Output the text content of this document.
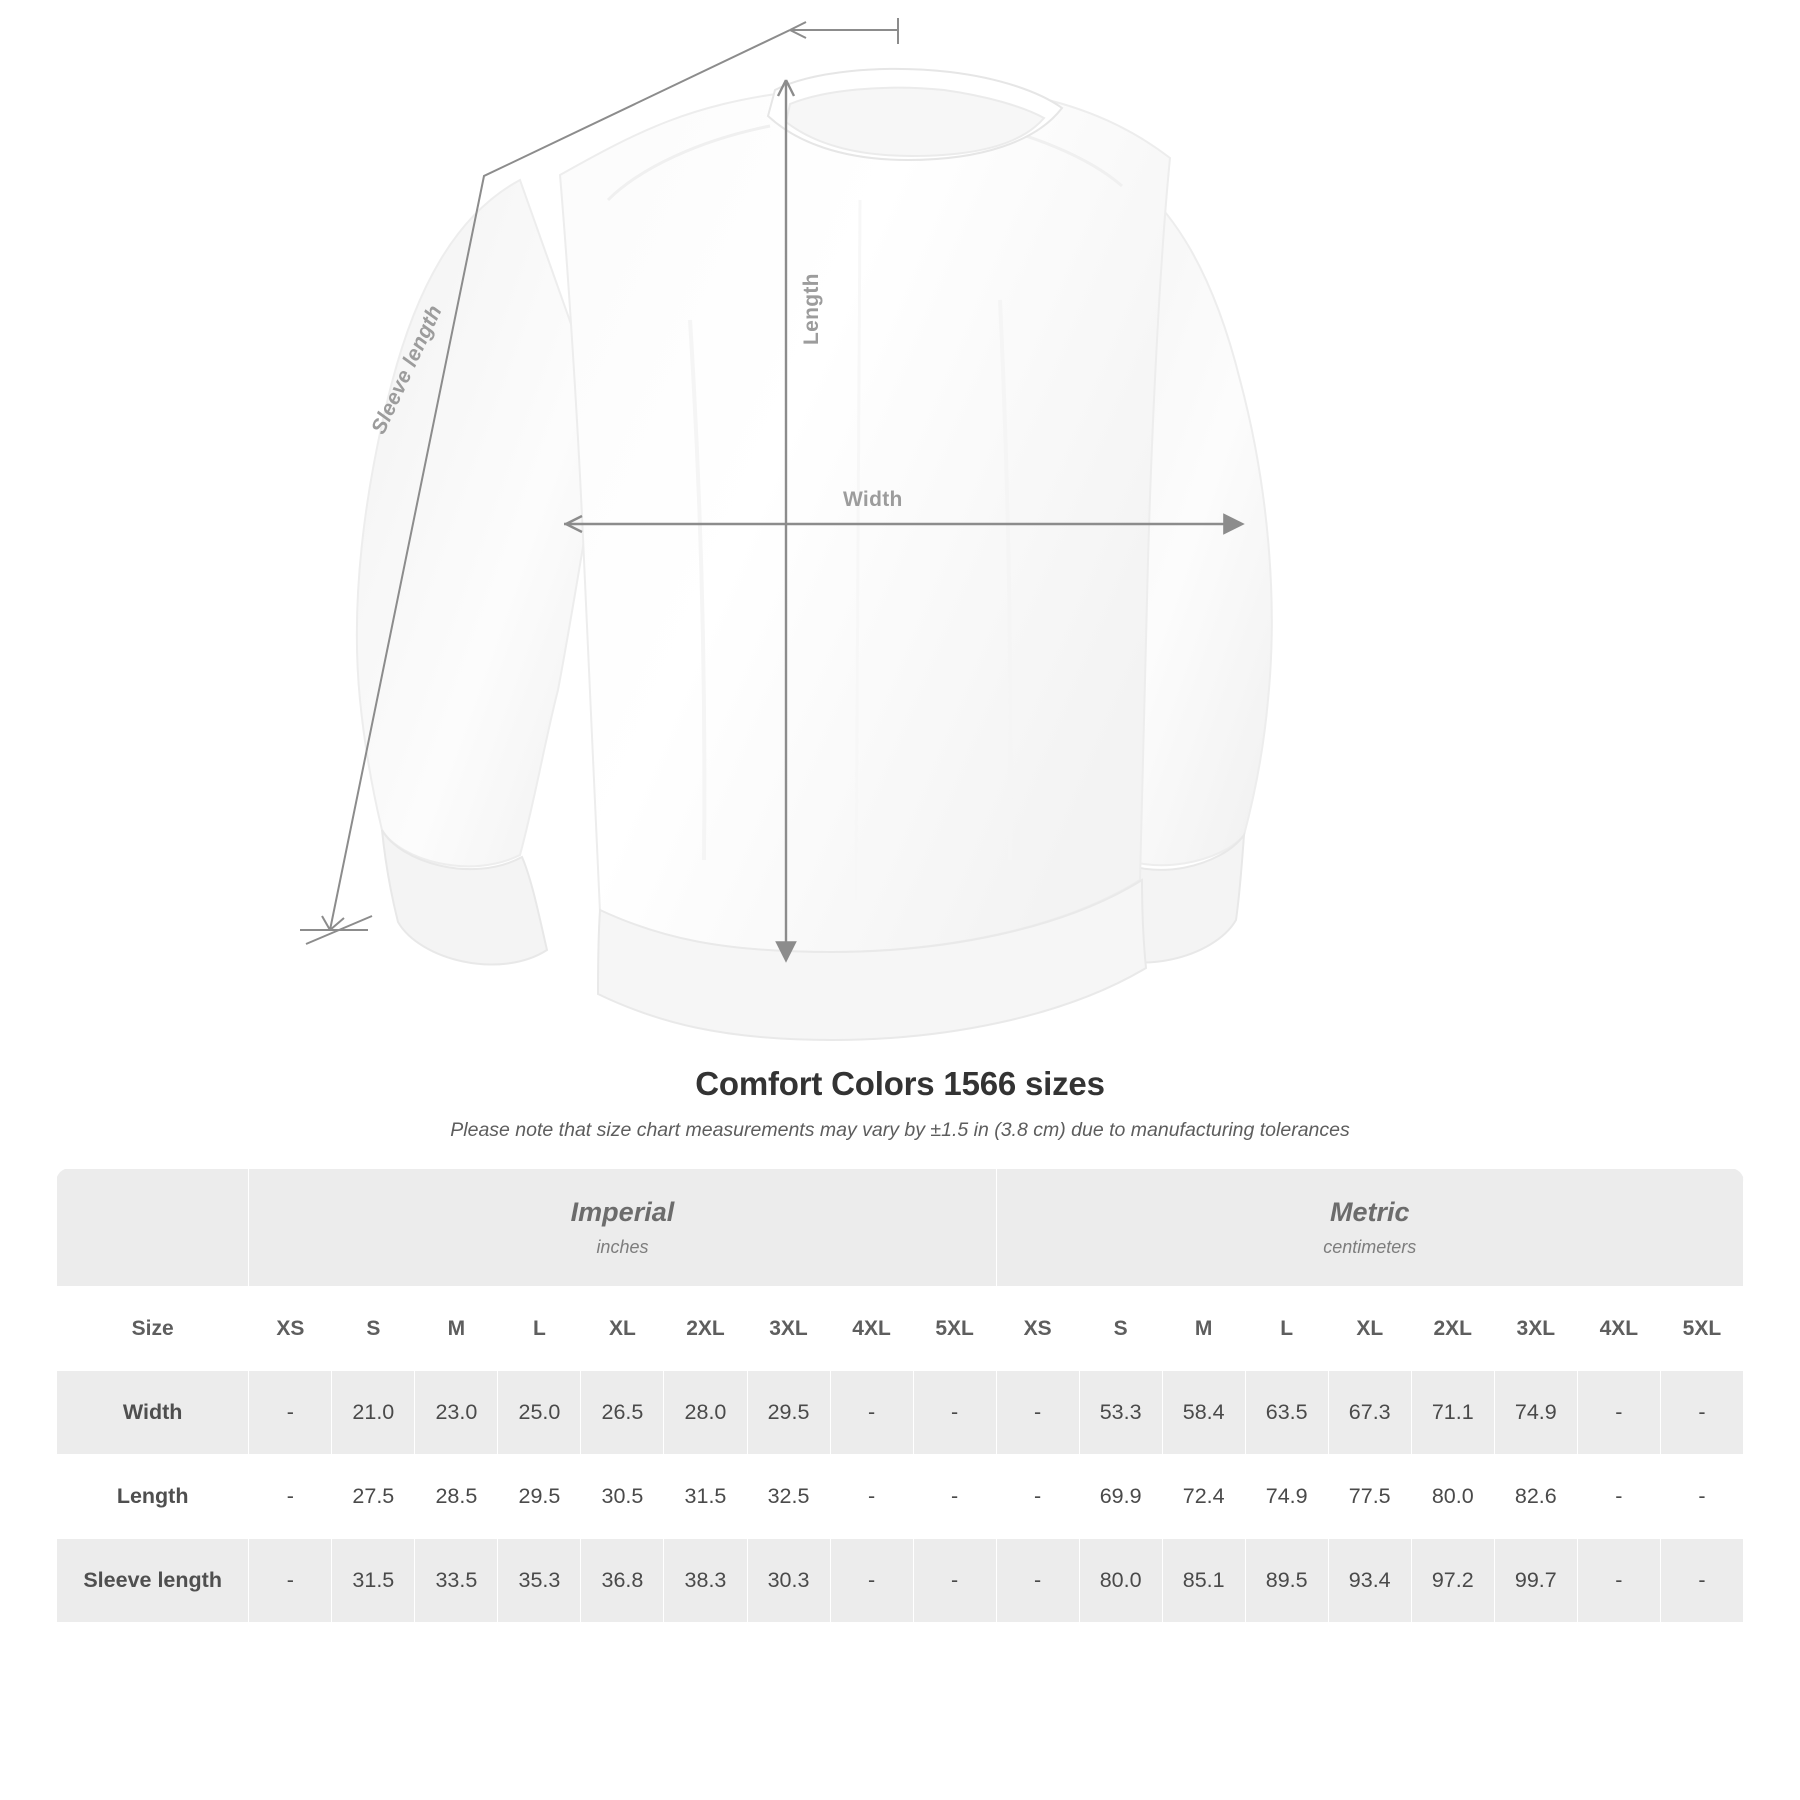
Width
Length
Sleeve length
Comfort Colors 1566 sizes
Please note that size chart measurements may vary by ±1.5 in (3.8 cm) due to manufacturing tolerances

Imperial
inches

Metric
centimeters

Size	XS	S	M	L	XL	2XL	3XL	4XL	5XL	XS	S	M	L	XL	2XL	3XL	4XL	5XL
Width	-	21.0	23.0	25.0	26.5	28.0	29.5	-	-	-	53.3	58.4	63.5	67.3	71.1	74.9	-	-
Length	-	27.5	28.5	29.5	30.5	31.5	32.5	-	-	-	69.9	72.4	74.9	77.5	80.0	82.6	-	-
Sleeve length	-	31.5	33.5	35.3	36.8	38.3	30.3	-	-	-	80.0	85.1	89.5	93.4	97.2	99.7	-	-
